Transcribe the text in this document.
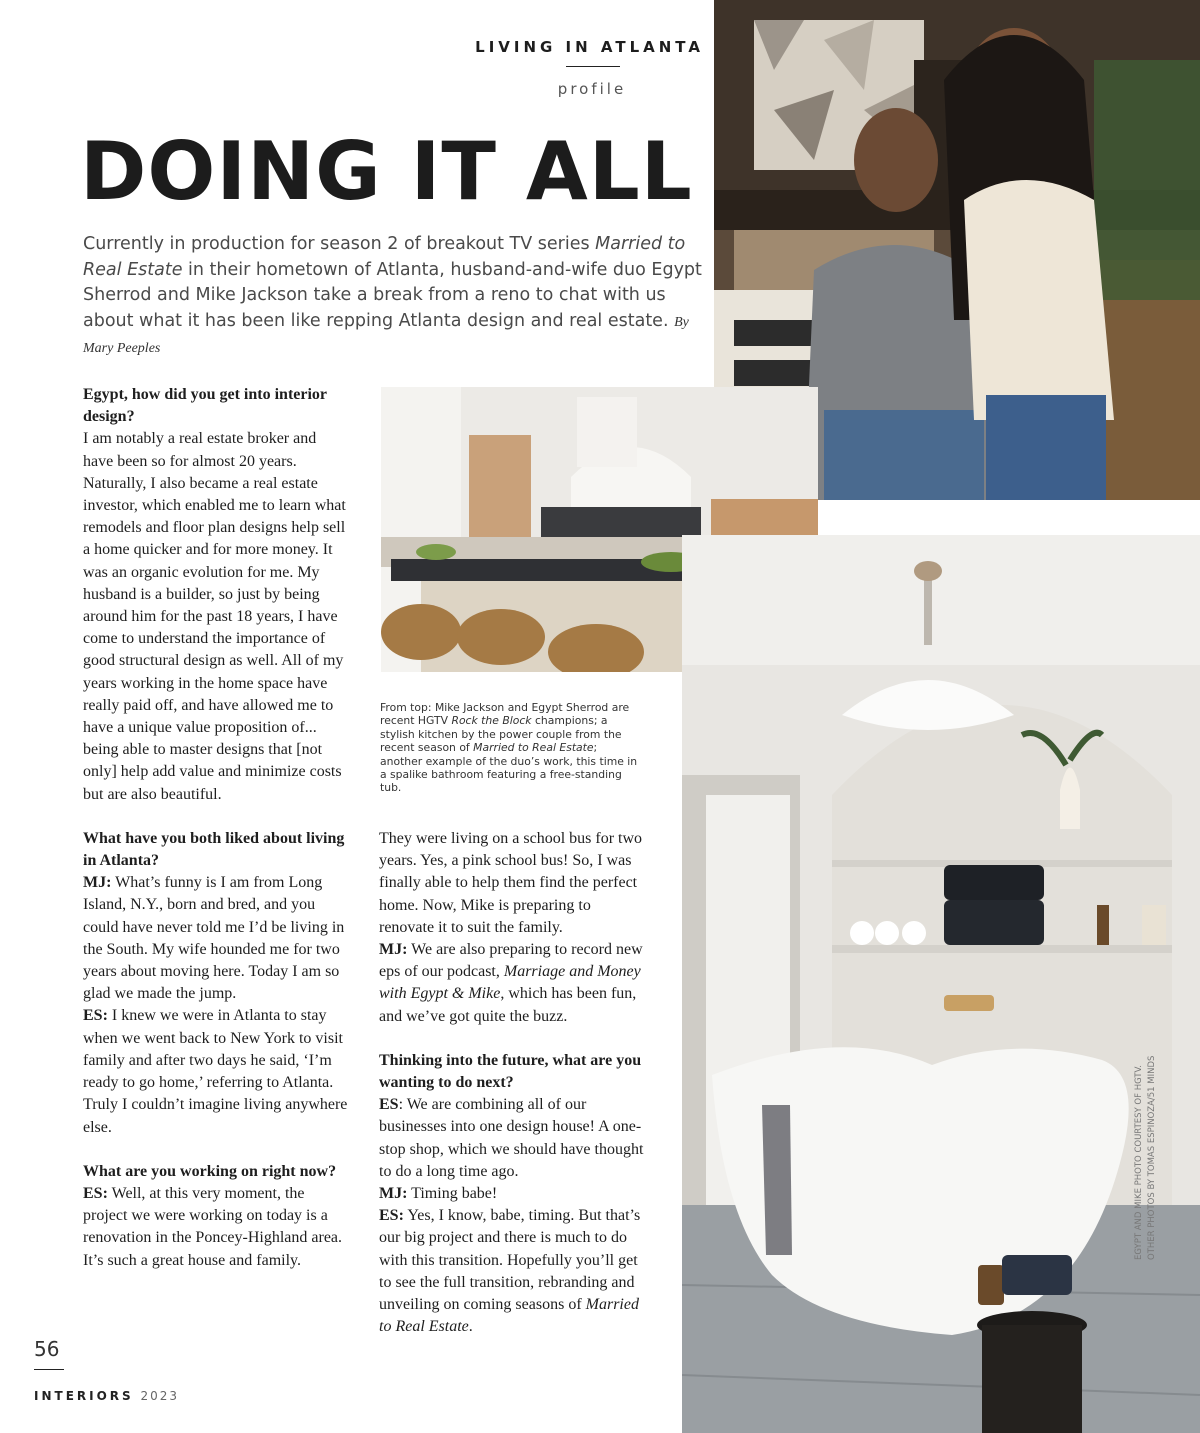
LIVING IN ATLANTA
profile
DOING IT ALL

Currently in production for season 2 of breakout TV series Married to Real Estate in their hometown of Atlanta, husband-and-wife duo Egypt Sherrod and Mike Jackson take a break from a reno to chat with us about what it has been like repping Atlanta design and real estate. By Mary Peeples

Egypt, how did you get into interior design?

I am notably a real estate broker and have been so for almost 20 years. Naturally, I also became a real estate investor, which enabled me to learn what remodels and floor plan designs help sell a home quicker and for more money. It was an organic evolution for me. My husband is a builder, so just by being around him for the past 18 years, I have come to understand the importance of good structural design as well. All of my years working in the home space have really paid off, and have allowed me to have a unique value proposition of... being able to master designs that [not only] help add value and minimize costs but are also beautiful.

What have you both liked about living in Atlanta?

MJ: What’s funny is I am from Long Island, N.Y., born and bred, and you could have never told me I’d be living in the South. My wife hounded me for two years about moving here. Today I am so glad we made the jump.

ES: I knew we were in Atlanta to stay when we went back to New York to visit family and after two days he said, ‘I’m ready to go home,’ referring to Atlanta. Truly I couldn’t imagine living anywhere else.

What are you working on right now?

ES: Well, at this very moment, the project we were working on today is a renovation in the Poncey-Highland area. It’s such a great house and family.

From top: Mike Jackson and Egypt Sherrod are recent HGTV Rock the Block champions; a stylish kitchen by the power couple from the recent season of Married to Real Estate; another example of the duo’s work, this time in a spalike bathroom featuring a free-standing tub.

They were living on a school bus for two years. Yes, a pink school bus! So, I was finally able to help them find the perfect home. Now, Mike is preparing to renovate it to suit the family.

MJ: We are also preparing to record new eps of our podcast, Marriage and Money with Egypt & Mike, which has been fun, and we’ve got quite the buzz.

Thinking into the future, what are you wanting to do next?

ES: We are combining all of our businesses into one design house! A one-stop shop, which we should have thought to do a long time ago.

MJ: Timing babe!

ES: Yes, I know, babe, timing. But that’s our big project and there is much to do with this transition. Hopefully you’ll get to see the full transition, rebranding and unveiling on coming seasons of Married to Real Estate.

EGYPT AND MIKE PHOTO COURTESY OF HGTV. OTHER PHOTOS BY TOMAS ESPINOZA/51 MINDS
56
INTERIORS 2023
